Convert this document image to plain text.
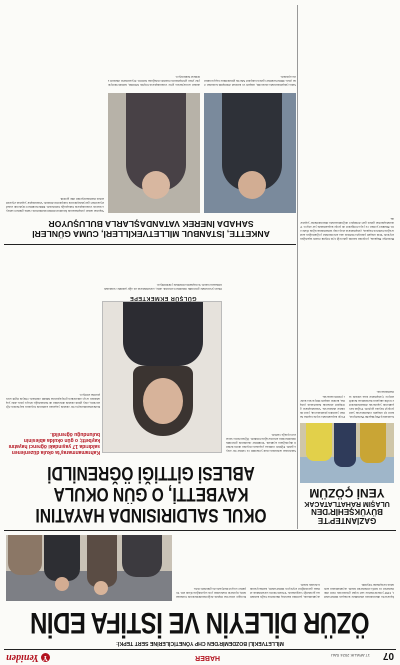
07
17 ARALIK 2024 SALI
HABER
Y
Yeniden
MİLLETVEKİLİ BOZDEMİR'DEN CHP YÖNETİCİLERİNE SERT TEPKİ:
ÖZÜR DİLEYİN VE İSTİFA EDİN
İsparta'da düzenlenen etkinlikte konuşan milletvekili, CHP yöneticilerine sert tepki göstererek özür dilemelerini ve istifa etmelerini istedi. Açıklamanın ardından tartışmalar büyüdü.
Açıklamada, partinin kuruluş ilkelerine bağlı kalınması gerektiği vurgulandı. Yöneticilerin sorumluluk alması gerektiğini söyleyen milletvekili, kamuoyundan destek istedi.
Kongre sürecine ilişkin değerlendirmelerde bulunan isim, üyelerin iradesinin yok sayıldığını ifade etti. Tepkiler sosyal medyada da gündem oldu.
GAZİANTEP'TE
BÜYÜKŞEHİR'DEN
ULAŞIM RAHATLATACAK
YENİ ÇÖZÜM
Gaziantep Büyükşehir Belediyesi, kent içi ulaşımı rahatlatacak yeni projeyi hayata geçirdi. Yoğun kavşaklarda yapılacak düzenlemelerle trafik akışının hızlanması hedefleniyor. Çalışmalar kısa sürede tamamlanacak.
Proje kapsamında toplu taşıma hatları yeniden planlanacak, yeni duraklar eklenecek. Vatandaşların görüşleri alınarak hazırlanan çalışma, kentin ulaşım ihtiyacına kalıcı çözüm sunacak.
OKUL SALDIRISINDA HAYATINI
KAYBETTİ, O GÜN OKULA
ABLESİ GİTTİĞİ ÖĞRENİLDİ
Kahramanmaraş'ta okula düzenlenen saldırıda 17 yaşındaki öğrenci hayatını kaybetti; o gün okulda ablesinin bulunduğu öğrenildi.
Kahramanmaraş'ta bir okulda yaşanan saldırıda hayatını kaybeden öğrencinin, olay günü okulda ablesinin de bulunduğu ortaya çıktı. Aile yaşadıkları acıyı anlatırken gözyaşlarına hâkim olamadı. Olayla ilgili soruşturma sürüyor.
GÜLŞÜR EKMEKTEPE
Saldırının ardından okul yönetimi ve veliler bir araya geldi. Eğitim camiası yaşanan olaydan derin üzüntü duyduğunu açıkladı. Yetkililer okullarda güvenlik önlemlerinin artırılacağını bildirdi. Öğrencinin cenazesi toprağa verildi.
Okul çevresinde güvenlik önlemleri artırıldı. Aile, sorumluların en ağır şekilde cezalandırılmasını istedi. Soruşturma titizlikle yürütülüyor.
ANKETTE, İSTANBUL MİLLETVEKİLLERİ, CUMA GÜNLERİ
SAHADA İNEREK VATANDAŞLARLA BULUŞUYOR
Yapılan anket çalışmasında İstanbul milletvekillerinin cuma günleri sahaya inerek vatandaşlarla buluştuğu belirlendi. Milletvekilleri ilçelerde esnaf ziyaretleri gerçekleştirerek taleplerini dinledi. Vatandaşlar yapılan ziyaretlerden memnuniyetini dile getirdi.
Saha çalışmalarında ekonomi, ulaşım ve kentsel dönüşüm konuları öne çıktı. Milletvekilleri gelen talepleri Meclis gündemine taşıyacaklarını açıkladı.
Anket sonuçlarına göre vatandaşların büyük bölümü, temsilcileriyle yüz yüze görüşmenin önemli olduğunu belirtti. Ziyaretlerin düzenli sürmesi bekleniyor.
Belediye Başkanı, projenin kentin geleceği için büyük önem taşıdığını söyledi. Yeni ulaşım planıyla birlikte ana arterlerdeki yoğunluğun azalacağını belirten başkan, çalışmaların etap etap tamamlanacağını ifade etti. Bisiklet yolları ve yaya bölgeleri de proje kapsamında yer alıyor. Vatandaşlardan gelen geri dönüşler doğrultusunda düzenlemeler yapılacak.
